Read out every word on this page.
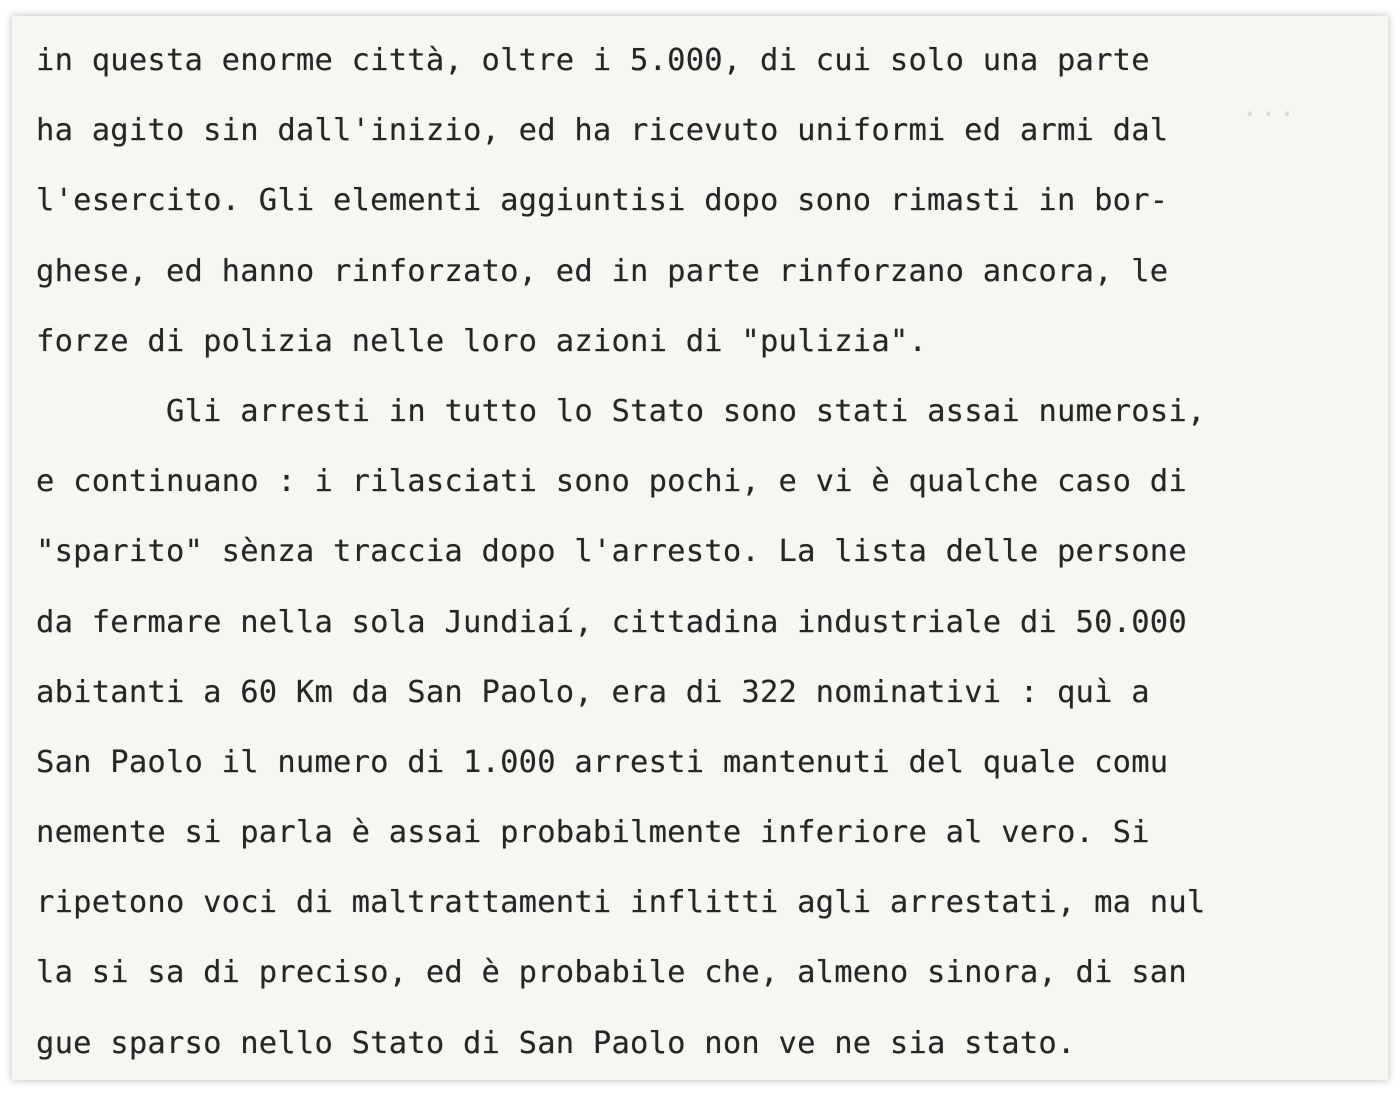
...
in questa enorme città, oltre i 5.000, di cui solo una parte
ha agito sin dall'inizio, ed ha ricevuto uniformi ed armi dal
l'esercito. Gli elementi aggiuntisi dopo sono rimasti in bor-
ghese, ed hanno rinforzato, ed in parte rinforzano ancora, le
forze di polizia nelle loro azioni di "pulizia".
Gli arresti in tutto lo Stato sono stati assai numerosi,
e continuano : i rilasciati sono pochi, e vi è qualche caso di
"sparito" sènza traccia dopo l'arresto. La lista delle persone
da fermare nella sola Jundiaí, cittadina industriale di 50.000
abitanti a 60 Km da San Paolo, era di 322 nominativi : quì a
San Paolo il numero di 1.000 arresti mantenuti del quale comu
nemente si parla è assai probabilmente inferiore al vero. Si
ripetono voci di maltrattamenti inflitti agli arrestati, ma nul
la si sa di preciso, ed è probabile che, almeno sinora, di san
gue sparso nello Stato di San Paolo non ve ne sia stato.
